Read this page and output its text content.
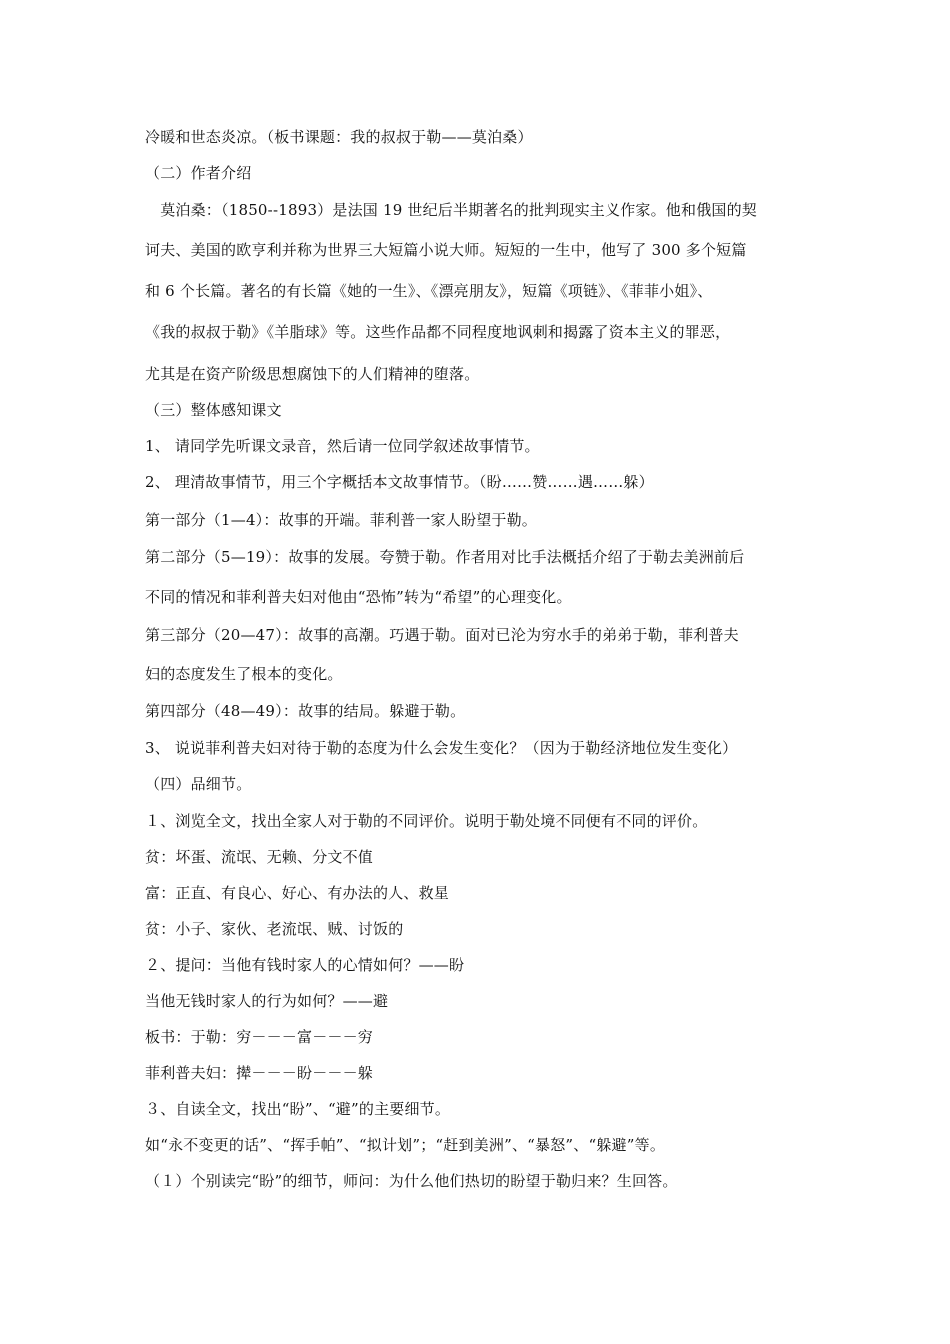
冷暖和世态炎凉。（板书课题：我的叔叔于勒——莫泊桑）
（二）作者介绍
　莫泊桑：（1850--1893）是法国 19 世纪后半期著名的批判现实主义作家。他和俄国的契
诃夫、美国的欧亨利并称为世界三大短篇小说大师。短短的一生中，他写了 300 多个短篇
和 6 个长篇。著名的有长篇《她的一生》、《漂亮朋友》，短篇《项链》、《菲菲小姐》、
《我的叔叔于勒》《羊脂球》等。这些作品都不同程度地讽刺和揭露了资本主义的罪恶，
尤其是在资产阶级思想腐蚀下的人们精神的堕落。
（三）整体感知课文
1、 请同学先听课文录音，然后请一位同学叙述故事情节。
2、 理清故事情节，用三个字概括本文故事情节。（盼……赞……遇……躲）
第一部分（1—4）：故事的开端。菲利普一家人盼望于勒。
第二部分（5—19）：故事的发展。夸赞于勒。作者用对比手法概括介绍了于勒去美洲前后
不同的情况和菲利普夫妇对他由“恐怖”转为“希望”的心理变化。
第三部分（20—47）：故事的高潮。巧遇于勒。面对已沦为穷水手的弟弟于勒，菲利普夫
妇的态度发生了根本的变化。
第四部分（48—49）：故事的结局。躲避于勒。
3、 说说菲利普夫妇对待于勒的态度为什么会发生变化？（因为于勒经济地位发生变化）
（四）品细节。
１、浏览全文，找出全家人对于勒的不同评价。说明于勒处境不同便有不同的评价。
贫：坏蛋、流氓、无赖、分文不值
富：正直、有良心、好心、有办法的人、救星
贫：小子、家伙、老流氓、贼、讨饭的
２、提问：当他有钱时家人的心情如何？——盼
当他无钱时家人的行为如何？——避
板书：于勒：穷－－－富－－－穷
菲利普夫妇：撵－－－盼－－－躲
３、自读全文，找出“盼”、“避”的主要细节。
如“永不变更的话”、“挥手帕”、“拟计划”；“赶到美洲”、“暴怒”、“躲避”等。
（１）个别读完“盼”的细节，师问：为什么他们热切的盼望于勒归来？生回答。
